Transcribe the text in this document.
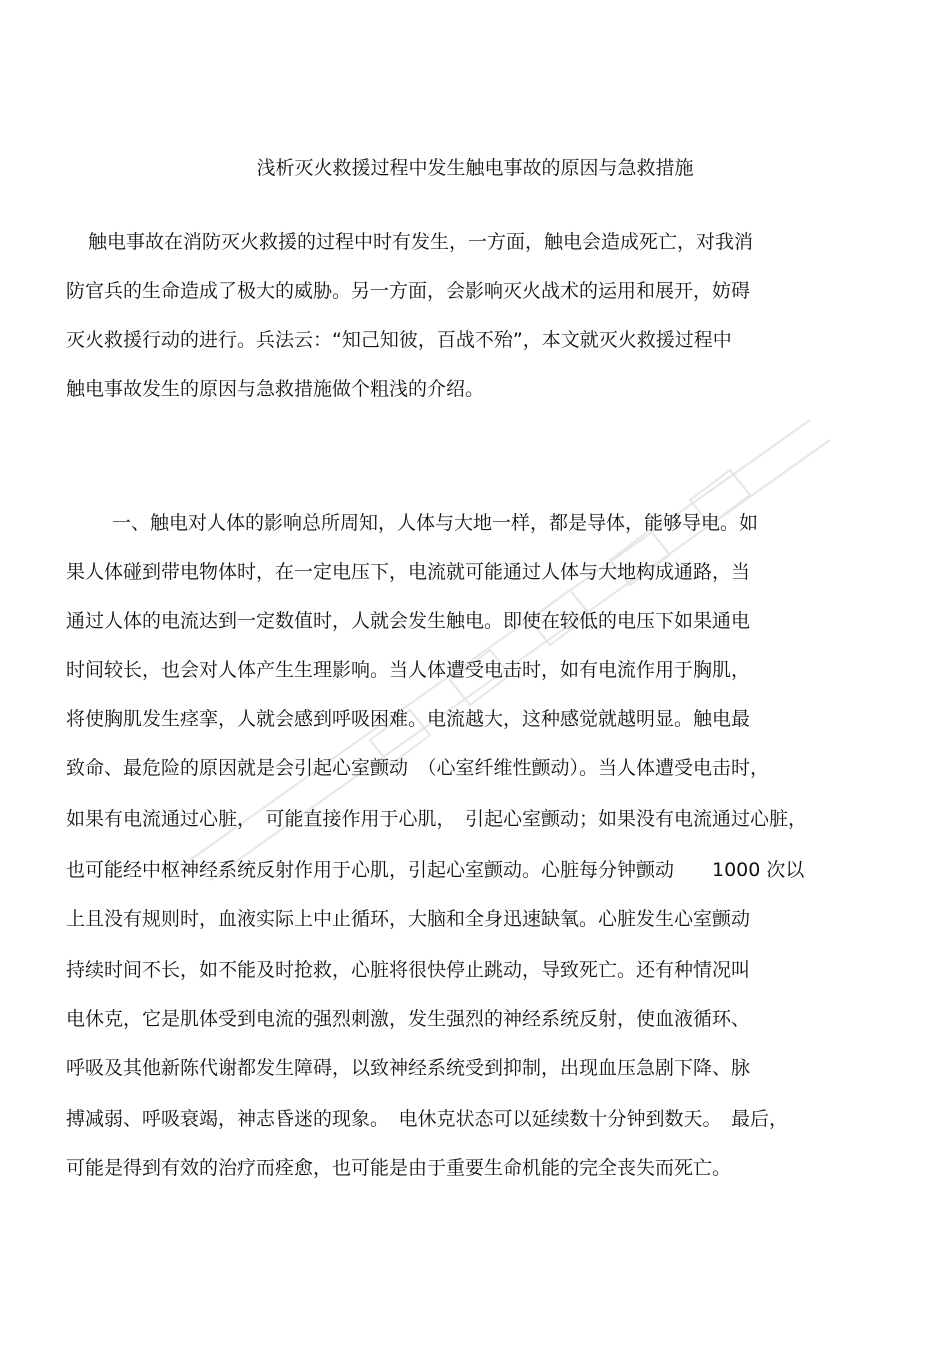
浅析灭火救援过程中发生触电事故的原因与急救措施
触电事故在消防灭火救援的过程中时有发生，一方面，触电会造成死亡，对我消
防官兵的生命造成了极大的威胁。另一方面，会影响灭火战术的运用和展开，妨碍
灭火救援行动的进行。兵法云：“知己知彼，百战不殆”，本文就灭火救援过程中
触电事故发生的原因与急救措施做个粗浅的介绍。
一、触电对人体的影响总所周知，人体与大地一样，都是导体，能够导电。如
果人体碰到带电物体时，在一定电压下，电流就可能通过人体与大地构成通路，当
通过人体的电流达到一定数值时，人就会发生触电。即使在较低的电压下如果通电
时间较长，也会对人体产生生理影响。当人体遭受电击时，如有电流作用于胸肌，
将使胸肌发生痉挛，人就会感到呼吸困难。电流越大，这种感觉就越明显。触电最
致命、最危险的原因就是会引起心室颤动　（心室纤维性颤动）。当人体遭受电击时，
如果有电流通过心脏，　可能直接作用于心肌，　引起心室颤动；如果没有电流通过心脏，
也可能经中枢神经系统反射作用于心肌，引起心室颤动。心脏每分钟颤动　　1000 次以
上且没有规则时，血液实际上中止循环，大脑和全身迅速缺氧。心脏发生心室颤动
持续时间不长，如不能及时抢救，心脏将很快停止跳动，导致死亡。还有种情况叫
电休克，它是肌体受到电流的强烈刺激，发生强烈的神经系统反射，使血液循环、
呼吸及其他新陈代谢都发生障碍，以致神经系统受到抑制，出现血压急剧下降、脉
搏减弱、呼吸衰竭，神志昏迷的现象。　电休克状态可以延续数十分钟到数天。　最后，
可能是得到有效的治疗而痊愈，也可能是由于重要生命机能的完全丧失而死亡。
